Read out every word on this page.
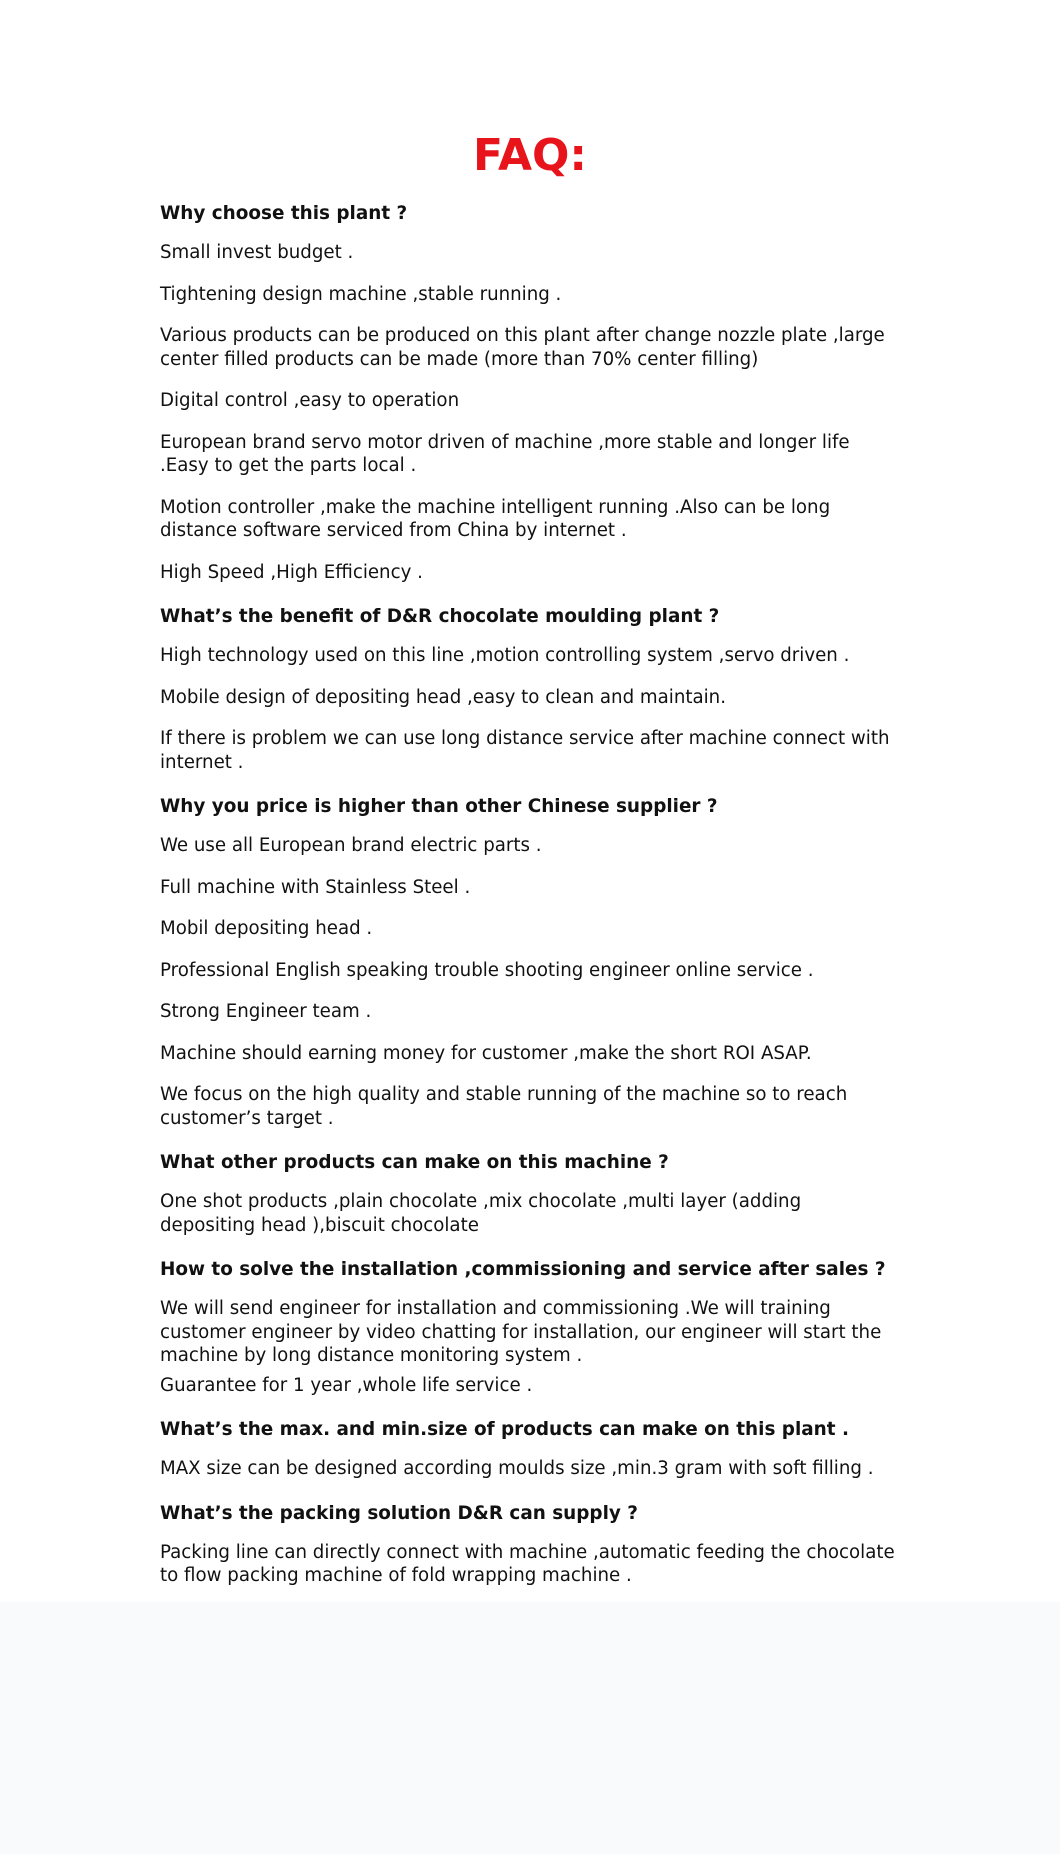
FAQ:
Why choose this plant ?
Small invest budget .
Tightening design machine ,stable running .
Various products can be produced on this plant after change nozzle plate ,large center filled products can be made (more than 70% center filling)
Digital control ,easy to operation
European brand servo motor driven of machine ,more stable and longer life .Easy to get the parts local .
Motion controller ,make the machine intelligent running .Also can be long distance software serviced from China by internet .
High Speed ,High Efficiency .
What’s the benefit of D&R chocolate moulding plant ?
High technology used on this line ,motion controlling system ,servo driven .
Mobile design of depositing head ,easy to clean and maintain.
If there is problem we can use long distance service after machine connect with internet .
Why you price is higher than other Chinese supplier ?
We use all European brand electric parts .
Full machine with Stainless Steel .
Mobil depositing head .
Professional English speaking trouble shooting engineer online service .
Strong Engineer team .
Machine should earning money for customer ,make the short ROI ASAP.
We focus on the high quality and stable running of the machine so to reach customer’s target .
What other products can make on this machine ?
One shot products ,plain chocolate ,mix chocolate ,multi layer (adding depositing head ),biscuit chocolate
How to solve the installation ,commissioning and service after sales ?
We will send engineer for installation and commissioning .We will training customer engineer by video chatting for installation, our engineer will start the machine by long distance monitoring system .
Guarantee for 1 year ,whole life service .
What’s the max. and min.size of products can make on this plant .
MAX size can be designed according moulds size ,min.3 gram with soft filling .
What’s the packing solution D&R can supply ?
Packing line can directly connect with machine ,automatic feeding the chocolate to flow packing machine of fold wrapping machine .
